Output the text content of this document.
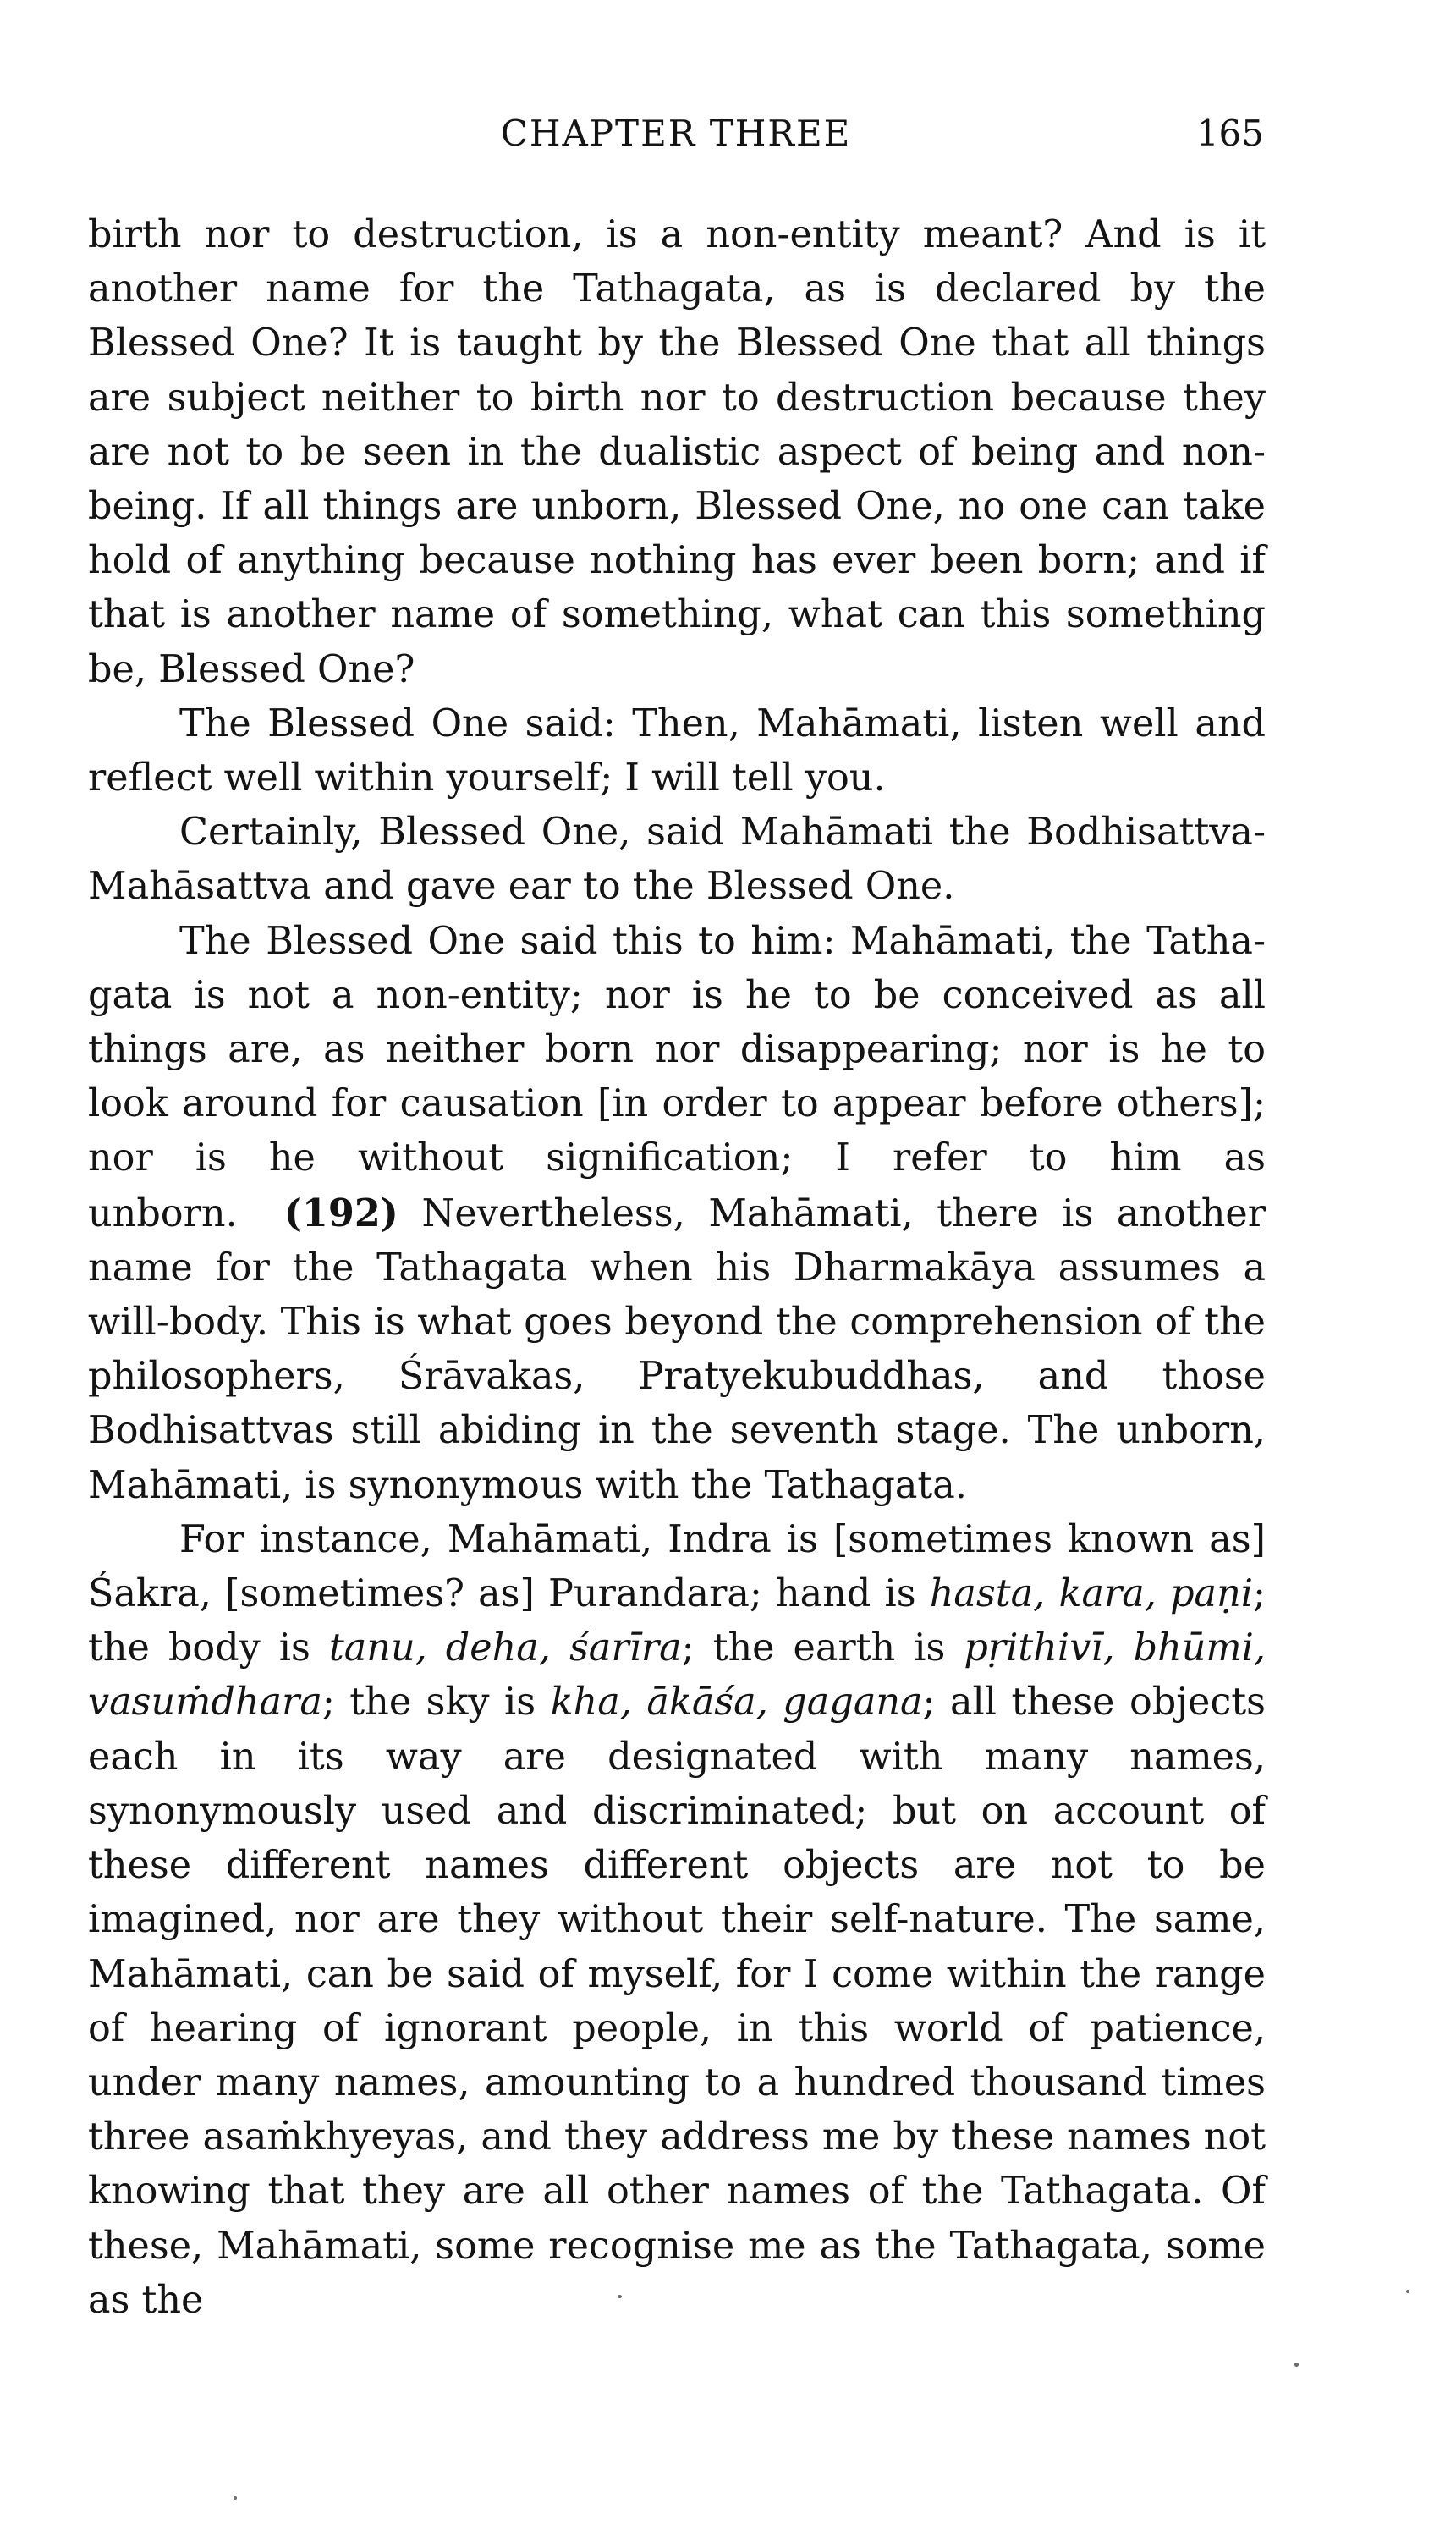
CHAPTER THREE	165

birth nor to destruction, is a non-entity meant? And is it another name for the Tathagata, as is declared by the Blessed One? It is taught by the Blessed One that all things are subject neither to birth nor to destruction because they are not to be seen in the dualistic aspect of being and non-being. If all things are unborn, Blessed One, no one can take hold of anything because nothing has ever been born; and if that is another name of something, what can this something be, Blessed One?

The Blessed One said: Then, Mahāmati, listen well and reflect well within yourself; I will tell you.

Certainly, Blessed One, said Mahāmati the Bodhisattva-Mahāsattva and gave ear to the Blessed One.

The Blessed One said this to him: Mahāmati, the Tathagata is not a non-entity; nor is he to be conceived as all things are, as neither born nor disappearing; nor is he to look around for causation [in order to appear before others]; nor is he without signification; I refer to him as unborn. (192) Nevertheless, Mahāmati, there is another name for the Tathagata when his Dharmakāya assumes a will-body. This is what goes beyond the comprehension of the philosophers, Śrāvakas, Pratyekubuddhas, and those Bodhisattvas still abiding in the seventh stage. The unborn, Mahāmati, is synonymous with the Tathagata.

For instance, Mahāmati, Indra is [sometimes known as] Śakra, [sometimes? as] Purandara; hand is hasta, kara, paṇi; the body is tanu, deha, śarīra; the earth is pṛithivī, bhūmi, vasuṁdhara; the sky is kha, ākāśa, gagana; all these objects each in its way are designated with many names, synonymously used and discriminated; but on account of these different names different objects are not to be imagined, nor are they without their self-nature. The same, Mahāmati, can be said of myself, for I come within the range of hearing of ignorant people, in this world of patience, under many names, amounting to a hundred thousand times three asaṁkhyeyas, and they address me by these names not knowing that they are all other names of the Tathagata. Of these, Mahāmati, some recognise me as the Tathagata, some as the
